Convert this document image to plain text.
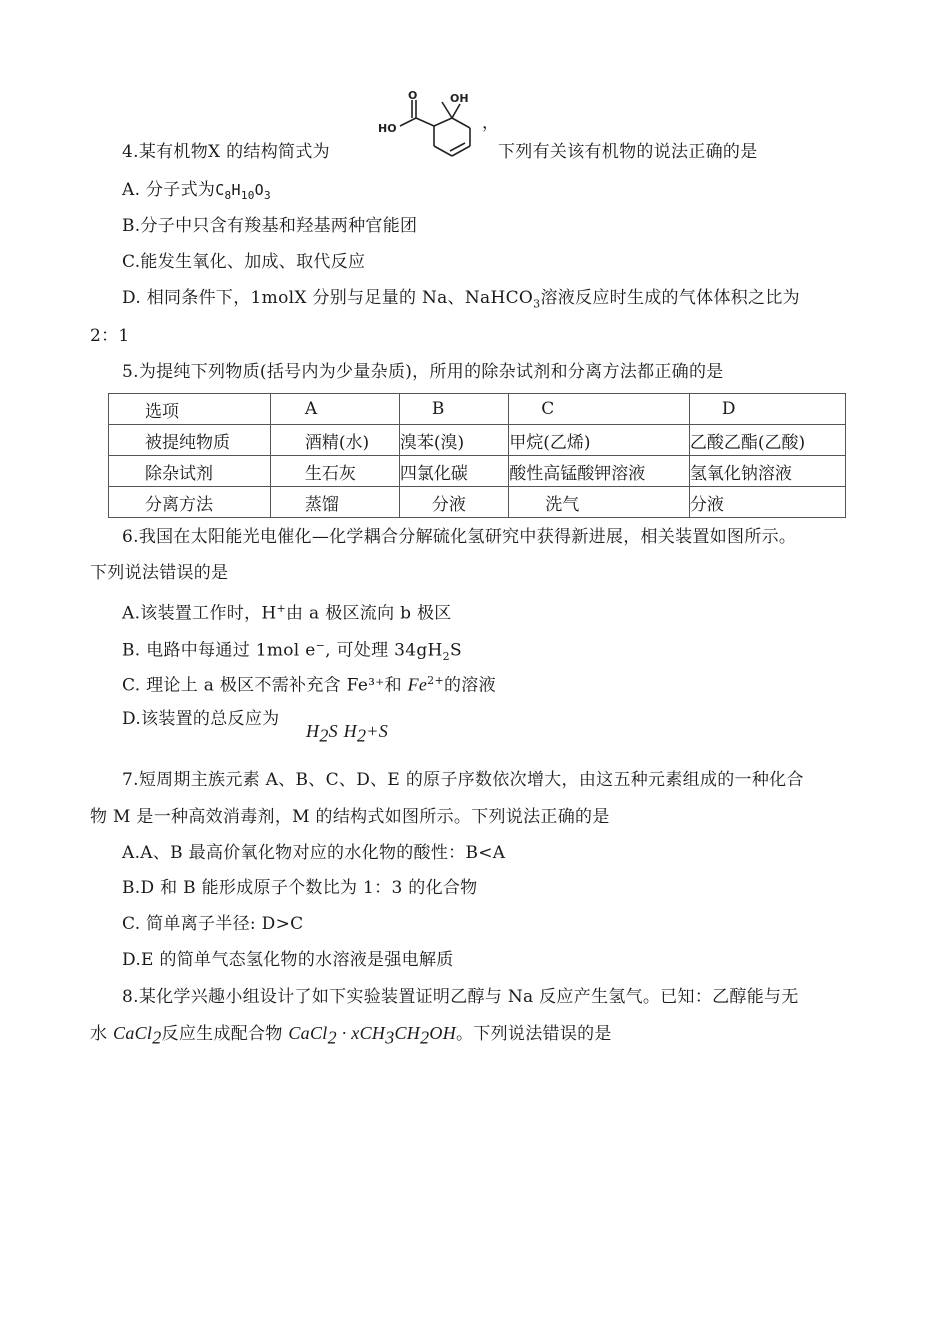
O	OH
HO	，
4.某有机物Ⅹ 的结构简式为	下列有关该有机物的说法正确的是
A. 分子式为$C_8H_{10}O_3$
B.分子中只含有羧基和羟基两种官能团
C.能发生氧化、加成、取代反应
D. 相同条件下，1molX 分别与足量的 Na、NaHCO$_3$溶液反应时生成的气体体积之比为
2：1
5.为提纯下列物质(括号内为少量杂质)，所用的除杂试剂和分离方法都正确的是
选项	A	B	C	D
被提纯物质	酒精(水)	溴苯(溴)	甲烷(乙烯)	乙酸乙酯(乙酸)
除杂试剂	生石灰	四氯化碳	酸性高锰酸钾溶液	氢氧化钠溶液
分离方法	蒸馏	分液	洗气	分液
6.我国在太阳能光电催化—化学耦合分解硫化氢研究中获得新进展，相关装置如图所示。
下列说法错误的是
A.该装置工作时，H+由 a 极区流向 b 极区
B. 电路中每通过 1mol e−, 可处理 $34gH_2S$
C. 理论上 a 极区不需补充含 Fe³⁺和 $Fe^{2+}$的溶液
D.该装置的总反应为
$H_2S$ $H_2+S$
7.短周期主族元素 A、B、C、D、E 的原子序数依次增大，由这五种元素组成的一种化合
物 M 是一种高效消毒剂，M 的结构式如图所示。下列说法正确的是
A.A、B 最高价氧化物对应的水化物的酸性：B<A
B.D 和 B 能形成原子个数比为 1：3 的化合物
C. 简单离子半径: D>C
D.E 的简单气态氢化物的水溶液是强电解质
8.某化学兴趣小组设计了如下实验装置证明乙醇与 Na 反应产生氢气。已知：乙醇能与无
水 CaCl$_2$反应生成配合物 CaCl$_2$ · $xCH_3CH_2OH$。下列说法错误的是
